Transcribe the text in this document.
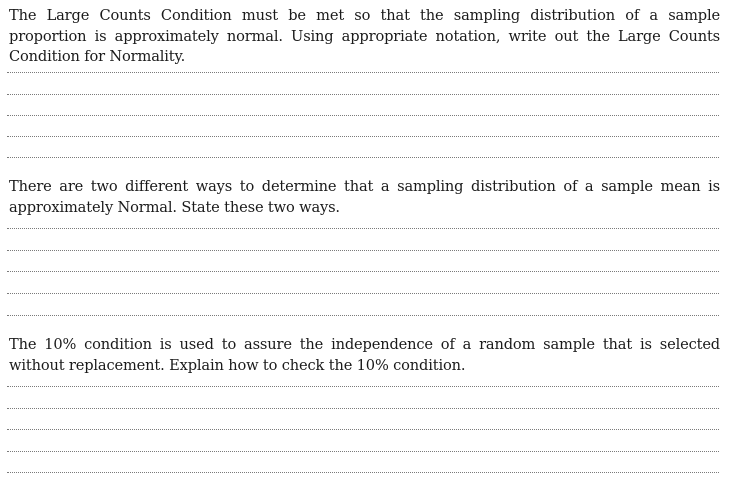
The Large Counts Condition must be met so that the sampling distribution of a sample proportion is approximately normal. Using appropriate notation, write out the Large Counts Condition for Normality.
There are two different ways to determine that a sampling distribution of a sample mean is approximately Normal. State these two ways.
The 10% condition is used to assure the independence of a random sample that is selected without replacement. Explain how to check the 10% condition.
